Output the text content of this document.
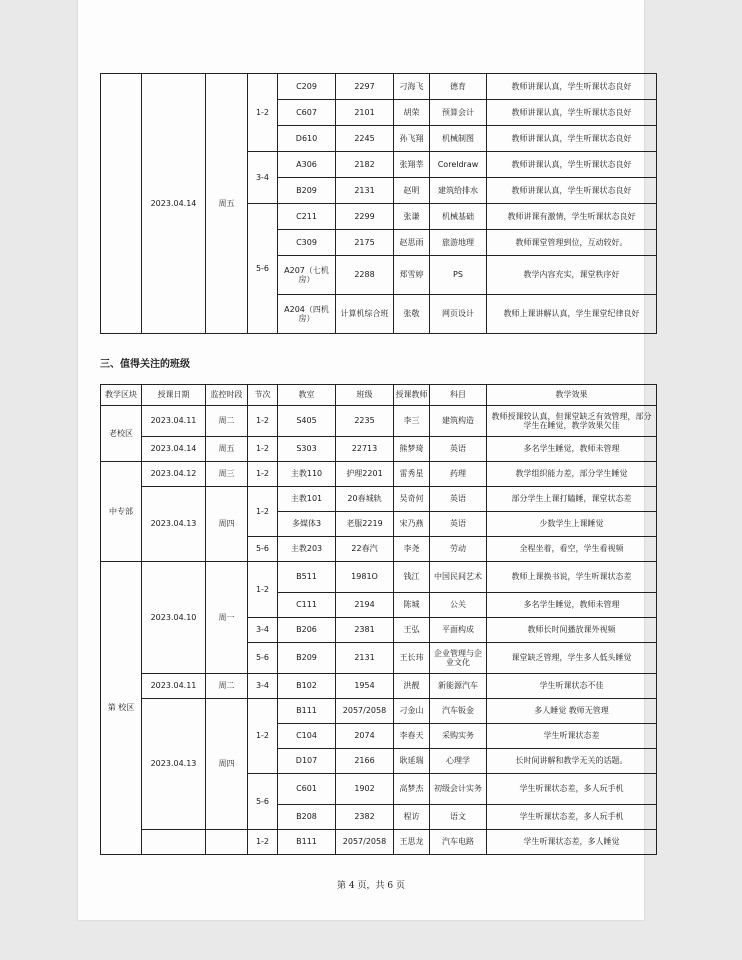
	2023.04.14	周五	1-2	C209	2297	刁海飞	德育	教师讲课认真，学生听课状态良好
				C607	2101	胡荣	预算会计	教师讲课认真，学生听课状态良好
				D610	2245	孙飞翔	机械制图	教师讲课认真，学生听课状态良好
			3-4	A306	2182	张翔莘	Coreldraw	教师讲课认真，学生听课状态良好
				B209	2131	赵明	建筑给排水	教师讲课认真，学生听课状态良好
			5-6	C211	2299	张谦	机械基础	教师讲课有激情，学生听课状态良好
				C309	2175	赵思雨	旅游地理	教师课堂管理到位，互动较好。
				A207（七机房）	2288	郑雪婷	PS	教学内容充实，课堂秩序好
				A204（四机房）	计算机综合班	张敬	网页设计	教师上课讲解认真，学生课堂纪律良好
三、值得关注的班级
教学区块	授课日期	监控时段	节次	教室	班级	授课教师	科目	教学效果
老校区	2023.04.11	周二	1-2	S405	2235	李三	建筑构造	教师授课较认真，但课堂缺乏有效管理，部分学生在睡觉，教学效果欠佳
	2023.04.14	周五	1-2	S303	22713	熊梦琦	英语	多名学生睡觉，教师未管理
中专部	2023.04.12	周三	1-2	主教110	护理2201	雷秀星	药理	教学组织能力差，部分学生睡觉
	2023.04.13	周四	1-2	主教101	20春城轨	吴奇何	英语	部分学生上课打瞌睡，课堂状态差
				多媒体3	老服2219	宋乃燕	英语	少数学生上课睡觉
			5-6	主教203	22春汽	李尧	劳动	全程坐着，看空，学生看视频
第 校区	2023.04.10	周一	1-2	B511	1981O	钱江	中国民间艺术	教师上课换书说，学生听课状态差
				C111	2194	陈城	公关	多名学生睡觉，教师未管理
			3-4	B206	2381	王弘	平面构成	教师长时间播放课外视频
			5-6	B209	2131	王长玮	企业管理与企业文化	课堂缺乏管理，学生多人低头睡觉
	2023.04.11	周二	3-4	B102	1954	洪靓	新能源汽车	学生听课状态不佳
	2023.04.13	周四	1-2	B111	2057/2058	刁金山	汽车钣金	多人睡觉 教师无管理
				C104	2074	李春天	采购实务	学生听课状态差
				D107	2166	耿延瑞	心理学	长时间讲解和教学无关的话题。
			5-6	C601	1902	高梦杰	初级会计实务	学生听课状态差，多人玩手机
				B208	2382	程访	语文	学生听课状态差，多人玩手机
			1-2	B111	2057/2058	王思龙	汽车电路	学生听课状态差，多人睡觉
第 4 页，共 6 页
